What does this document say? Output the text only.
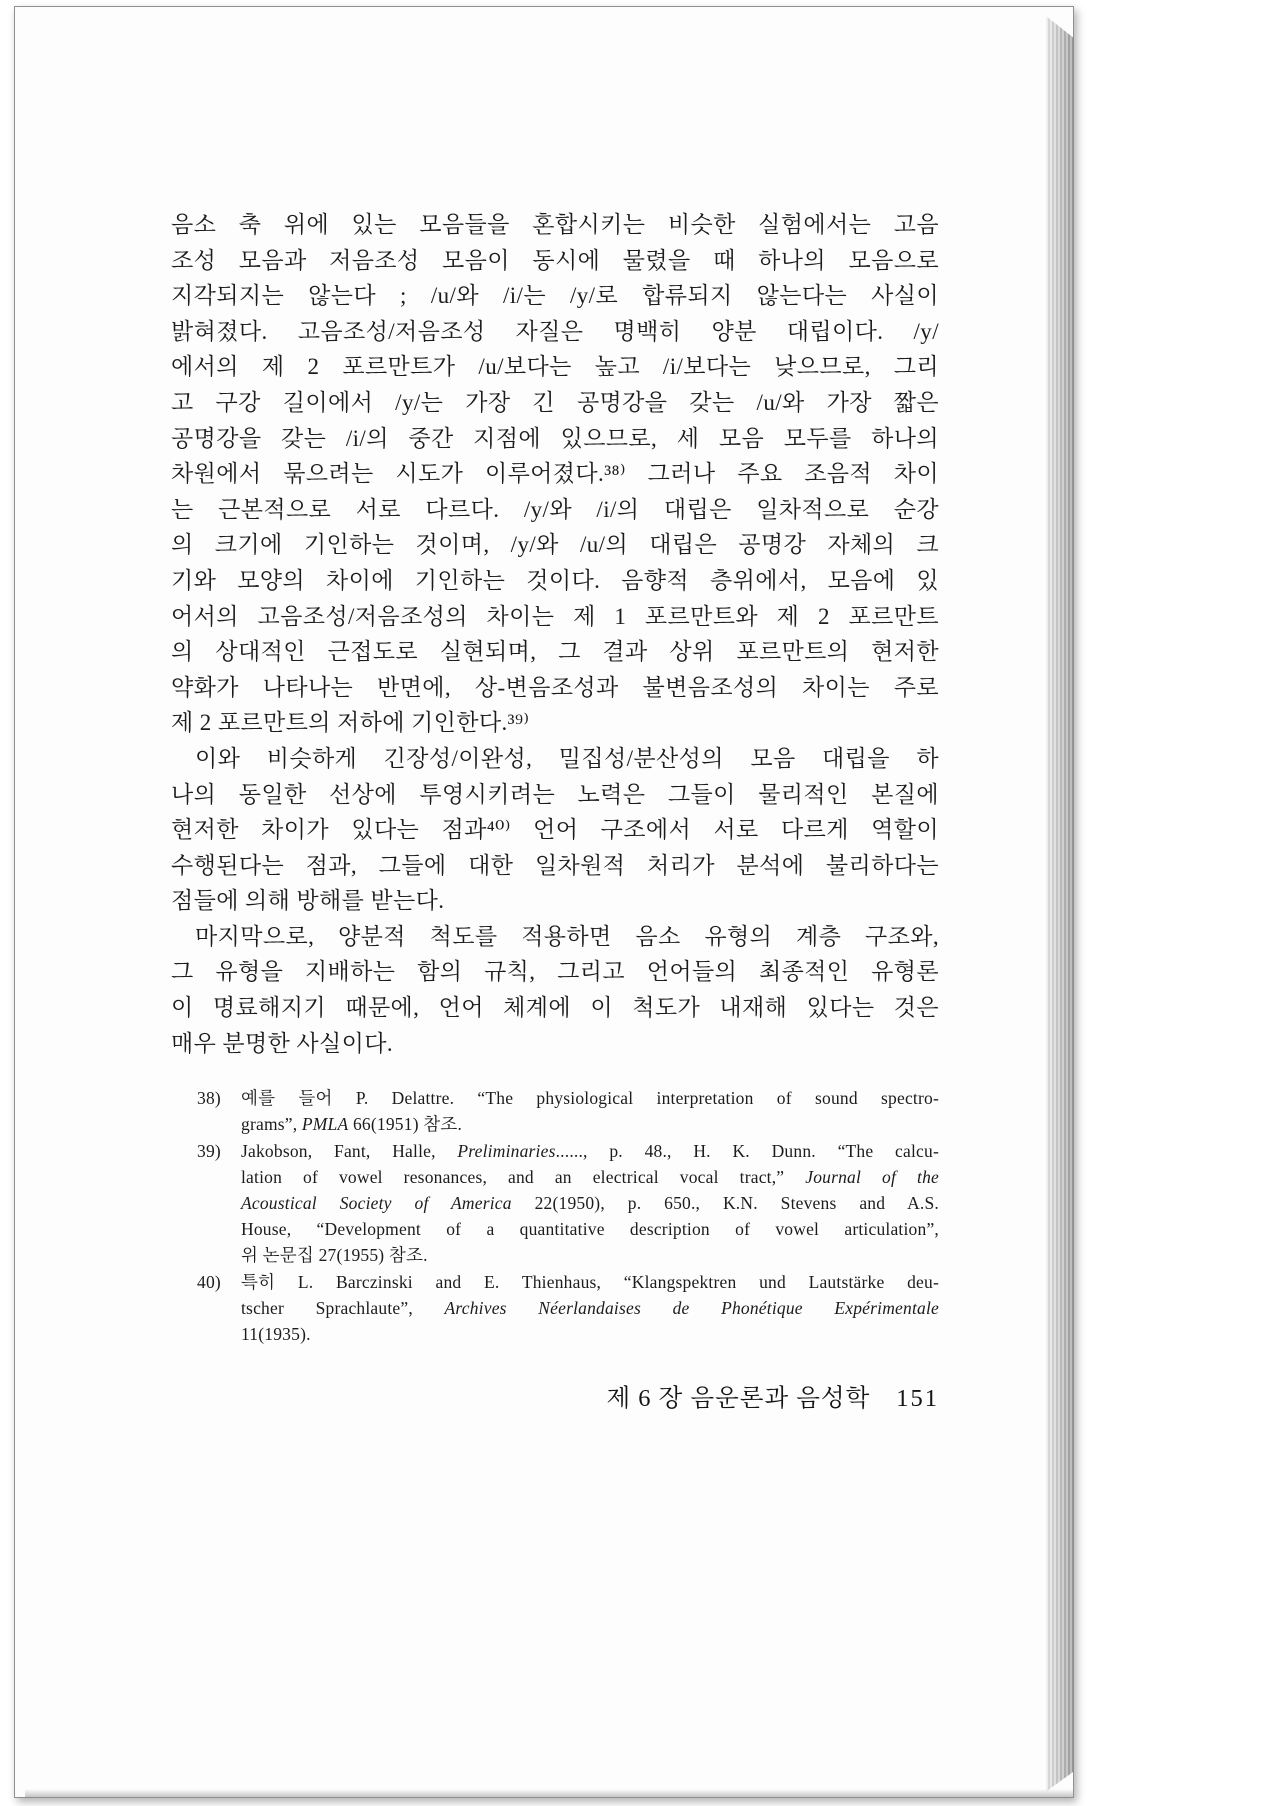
음소 축 위에 있는 모음들을 혼합시키는 비슷한 실험에서는 고음
조성 모음과 저음조성 모음이 동시에 물렸을 때 하나의 모음으로
지각되지는 않는다 ; /u/와 /i/는 /y/로 합류되지 않는다는 사실이
밝혀졌다. 고음조성/저음조성 자질은 명백히 양분 대립이다. /y/
에서의 제 2 포르만트가 /u/보다는 높고 /i/보다는 낮으므로, 그리
고 구강 길이에서 /y/는 가장 긴 공명강을 갖는 /u/와 가장 짧은
공명강을 갖는 /i/의 중간 지점에 있으므로, 세 모음 모두를 하나의
차원에서 묶으려는 시도가 이루어졌다.³⁸⁾ 그러나 주요 조음적 차이
는 근본적으로 서로 다르다. /y/와 /i/의 대립은 일차적으로 순강
의 크기에 기인하는 것이며, /y/와 /u/의 대립은 공명강 자체의 크
기와 모양의 차이에 기인하는 것이다. 음향적 층위에서, 모음에 있
어서의 고음조성/저음조성의 차이는 제 1 포르만트와 제 2 포르만트
의 상대적인 근접도로 실현되며, 그 결과 상위 포르만트의 현저한
약화가 나타나는 반면에, 상-변음조성과 불변음조성의 차이는 주로
제 2 포르만트의 저하에 기인한다.³⁹⁾
이와 비슷하게 긴장성/이완성, 밀집성/분산성의 모음 대립을 하
나의 동일한 선상에 투영시키려는 노력은 그들이 물리적인 본질에
현저한 차이가 있다는 점과⁴⁰⁾ 언어 구조에서 서로 다르게 역할이
수행된다는 점과, 그들에 대한 일차원적 처리가 분석에 불리하다는
점들에 의해 방해를 받는다.
마지막으로, 양분적 척도를 적용하면 음소 유형의 계층 구조와,
그 유형을 지배하는 함의 규칙, 그리고 언어들의 최종적인 유형론
이 명료해지기 때문에, 언어 체계에 이 척도가 내재해 있다는 것은
매우 분명한 사실이다.
38)	예를 들어 P. Delattre. “The physiological interpretation of sound spectro-
grams”, PMLA 66(1951) 참조.
39)	Jakobson, Fant, Halle, Preliminaries......, p. 48., H. K. Dunn. “The calcu-
lation of vowel resonances, and an electrical vocal tract,” Journal of the
Acoustical Society of America 22(1950), p. 650., K.N. Stevens and A.S.
House, “Development of a quantitative description of vowel articulation”,
위 논문집 27(1955) 참조.
40)	특히 L. Barczinski and E. Thienhaus, “Klangspektren und Lautstärke deu-
tscher Sprachlaute”, Archives Néerlandaises de Phonétique Expérimentale
11(1935).
제 6 장 음운론과 음성학 151
